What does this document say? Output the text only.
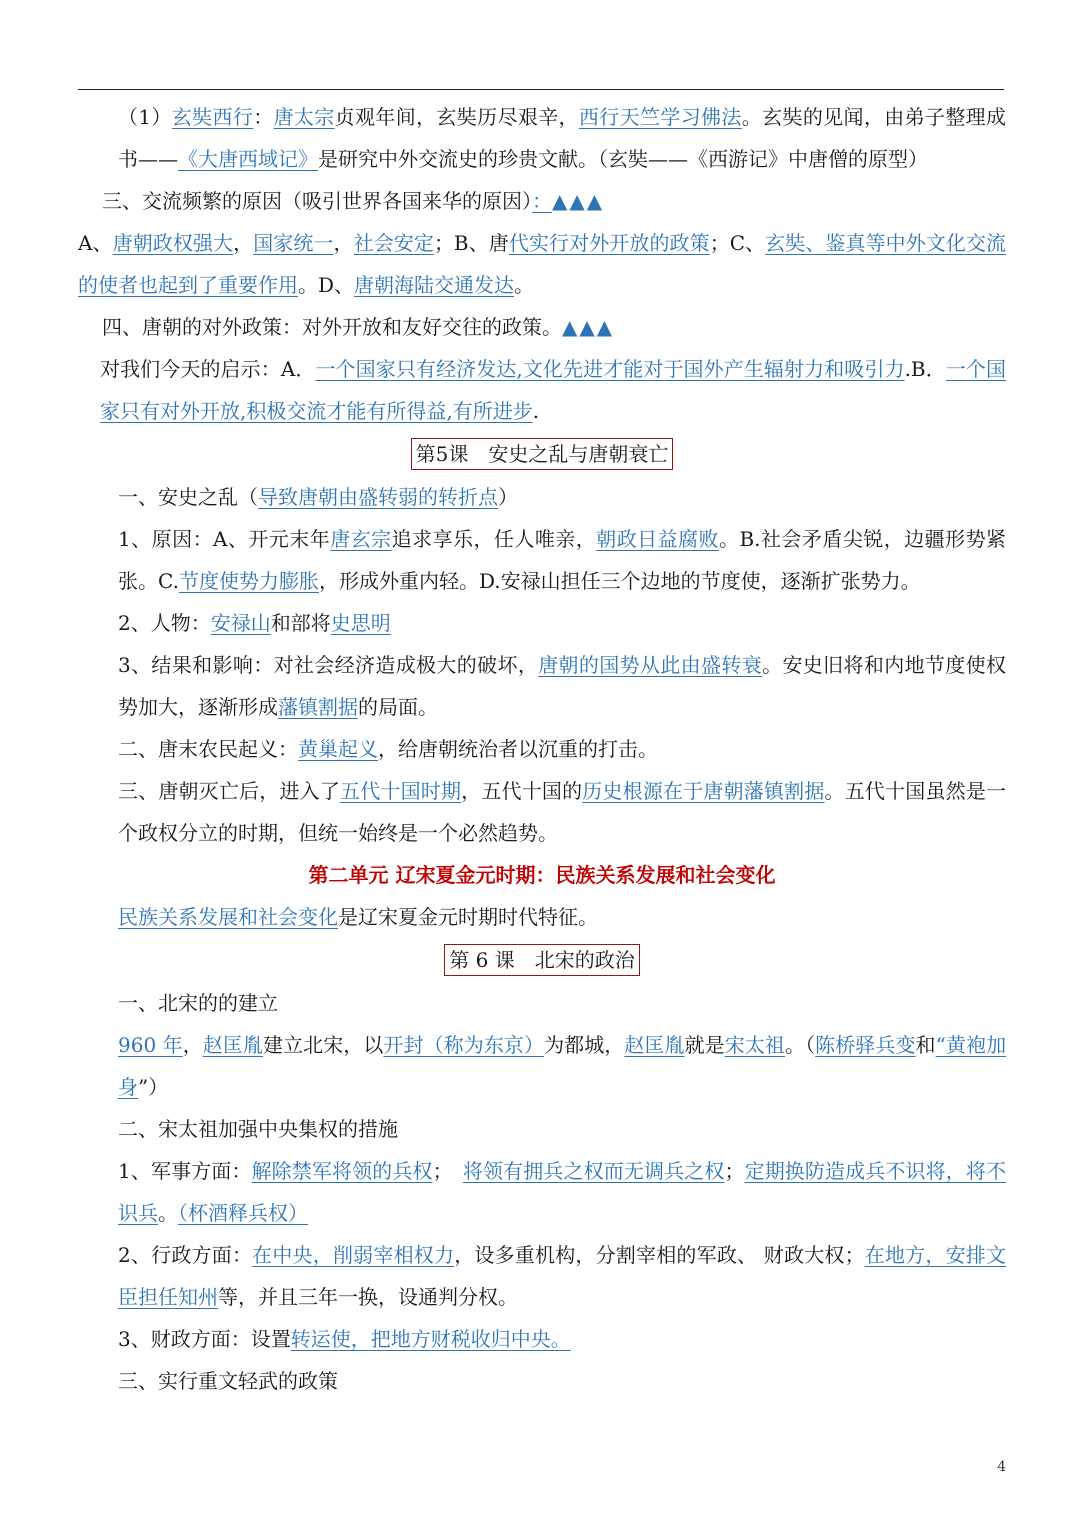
（1）玄奘西行：唐太宗贞观年间，玄奘历尽艰辛，西行天竺学习佛法。玄奘的见闻，由弟子整理成书——《大唐西域记》是研究中外交流史的珍贵文献。（玄奘——《西游记》中唐僧的原型）

三、交流频繁的原因（吸引世界各国来华的原因）：▲▲▲

A、唐朝政权强大，国家统一，社会安定；B、唐代实行对外开放的政策；C、玄奘、鉴真等中外文化交流的使者也起到了重要作用。D、唐朝海陆交通发达。

四、唐朝的对外政策：对外开放和友好交往的政策。▲▲▲

对我们今天的启示：A．一个国家只有经济发达,文化先进才能对于国外产生辐射力和吸引力.B．一个国家只有对外开放,积极交流才能有所得益,有所进步.

第5课　安史之乱与唐朝衰亡

一、安史之乱（导致唐朝由盛转弱的转折点）

1、原因：A、开元末年唐玄宗追求享乐，任人唯亲，朝政日益腐败。B.社会矛盾尖锐，边疆形势紧张。C.节度使势力膨胀，形成外重内轻。D.安禄山担任三个边地的节度使，逐渐扩张势力。

2、人物：安禄山和部将史思明

3、结果和影响：对社会经济造成极大的破坏，唐朝的国势从此由盛转衰。安史旧将和内地节度使权势加大，逐渐形成藩镇割据的局面。

二、唐末农民起义：黄巢起义，给唐朝统治者以沉重的打击。

三、唐朝灭亡后，进入了五代十国时期，五代十国的历史根源在于唐朝藩镇割据。五代十国虽然是一个政权分立的时期，但统一始终是一个必然趋势。

第二单元 辽宋夏金元时期：民族关系发展和社会变化

民族关系发展和社会变化是辽宋夏金元时期时代特征。

第 6 课　北宋的政治

一、北宋的的建立

960 年，赵匡胤建立北宋，以开封（称为东京）为都城，赵匡胤就是宋太祖。（陈桥驿兵变和“黄袍加身”）

二、宋太祖加强中央集权的措施

1、军事方面：解除禁军将领的兵权；　将领有拥兵之权而无调兵之权；定期换防造成兵不识将，将不识兵。（杯酒释兵权）

2、行政方面：在中央，削弱宰相权力，设多重机构，分割宰相的军政、 财政大权；在地方，安排文臣担任知州等，并且三年一换，设通判分权。

3、财政方面：设置转运使，把地方财税收归中央。

三、实行重文轻武的政策

4
